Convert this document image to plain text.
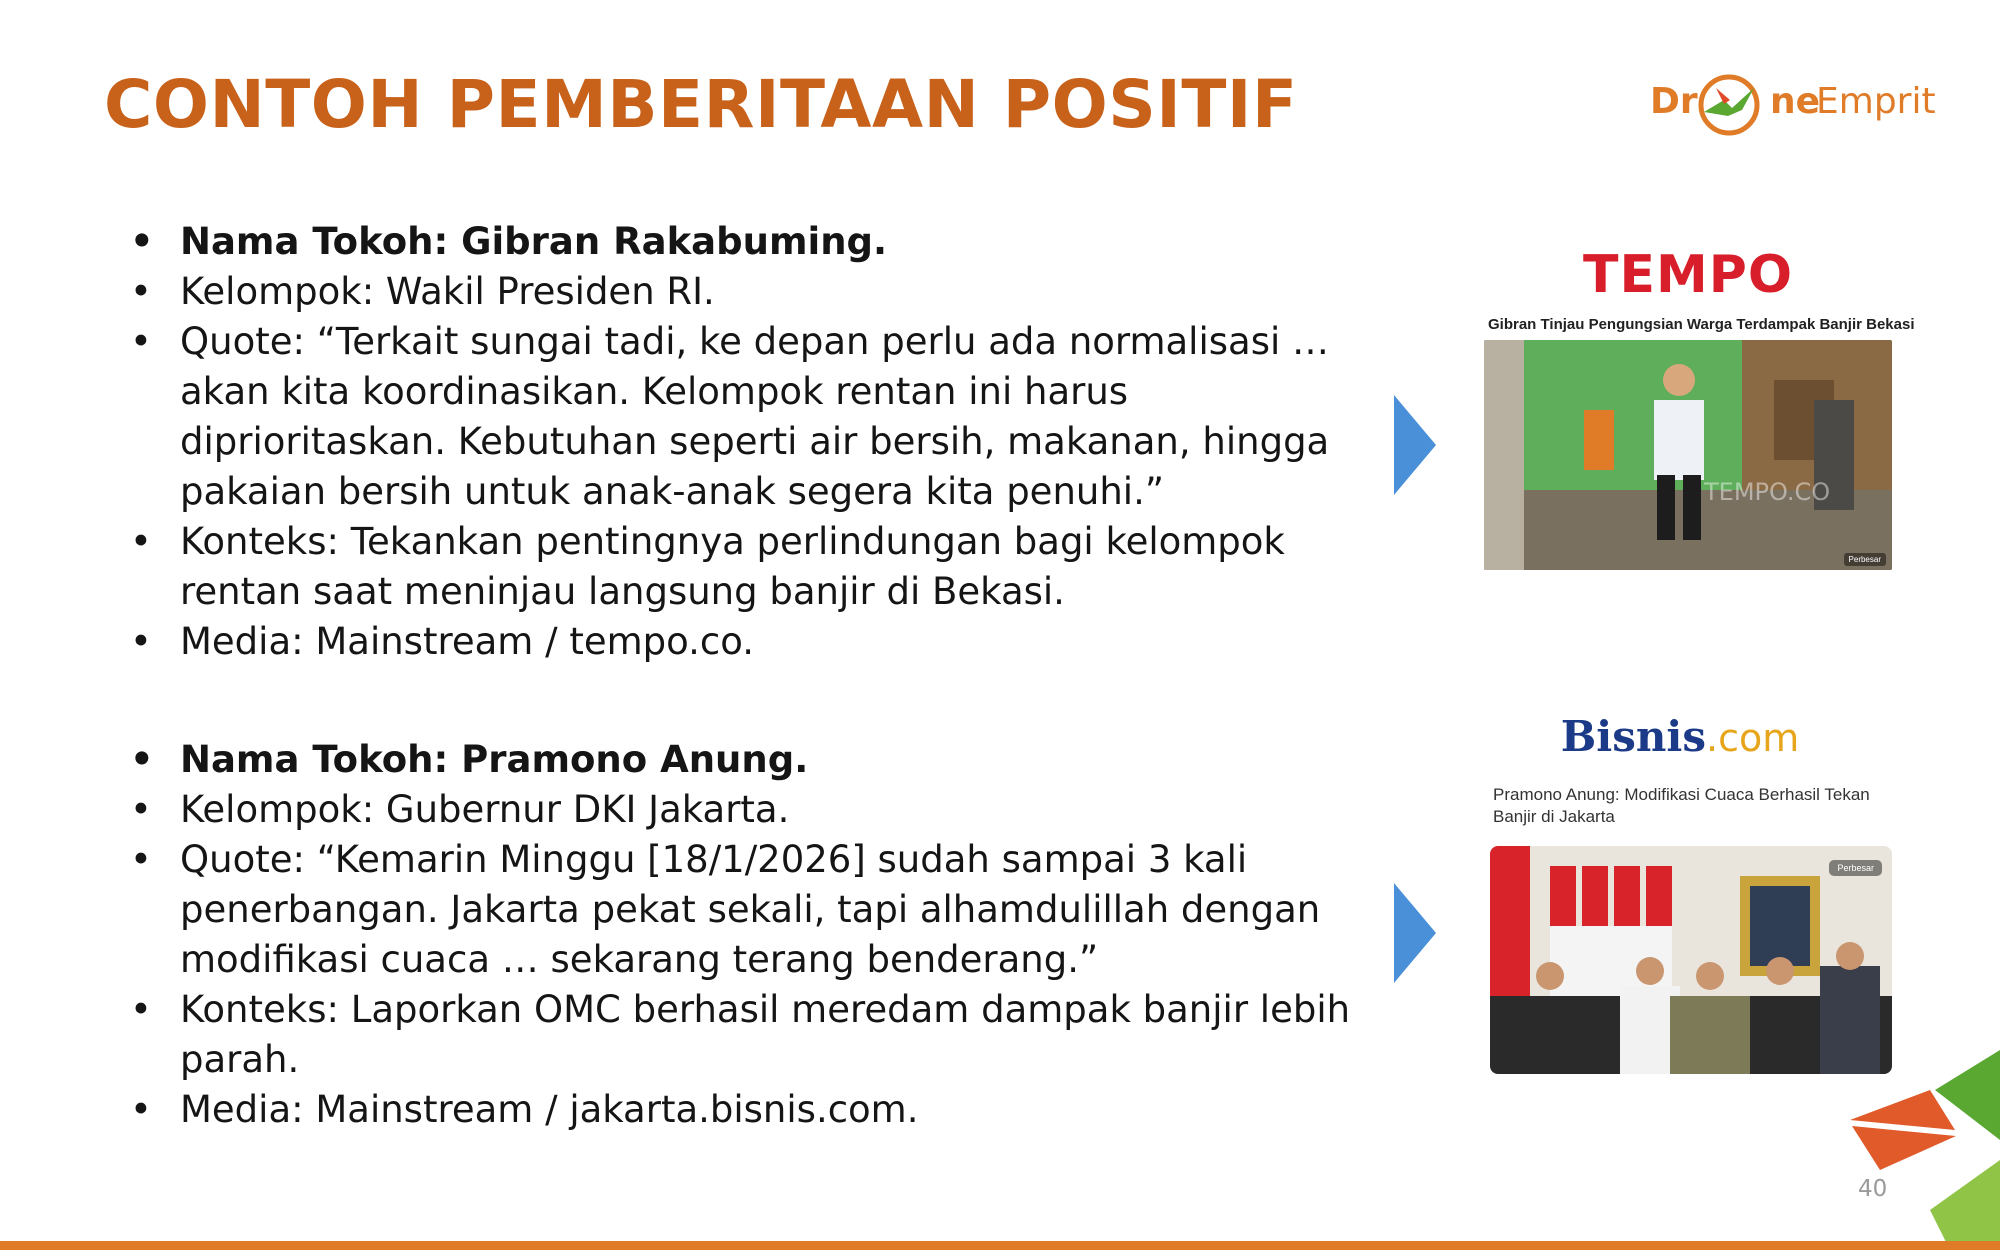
CONTOH PEMBERITAAN POSITIF	Dr ne
Emprit
• Nama Tokoh: Gibran Rakabuming.
• Kelompok: Wakil Presiden RI.
• Quote: “Terkait sungai tadi, ke depan perlu ada normalisasi … akan kita koordinasikan. Kelompok rentan ini harus diprioritaskan. Kebutuhan seperti air bersih, makanan, hingga pakaian bersih untuk anak-anak segera kita penuhi.”
• Konteks: Tekankan pentingnya perlindungan bagi kelompok rentan saat meninjau langsung banjir di Bekasi.
• Media: Mainstream / tempo.co.
• Nama Tokoh: Pramono Anung.
• Kelompok: Gubernur DKI Jakarta.
• Quote: “Kemarin Minggu [18/1/2026] sudah sampai 3 kali penerbangan. Jakarta pekat sekali, tapi alhamdulillah dengan modifikasi cuaca … sekarang terang benderang.”
• Konteks: Laporkan OMC berhasil meredam dampak banjir lebih parah.
• Media: Mainstream / jakarta.bisnis.com.
TEMPO
Gibran Tinjau Pengungsian Warga Terdampak Banjir Bekasi
TEMPO.CO
Perbesar
Bisnis.com
Pramono Anung: Modifikasi Cuaca Berhasil Tekan Banjir di Jakarta
Perbesar
40
